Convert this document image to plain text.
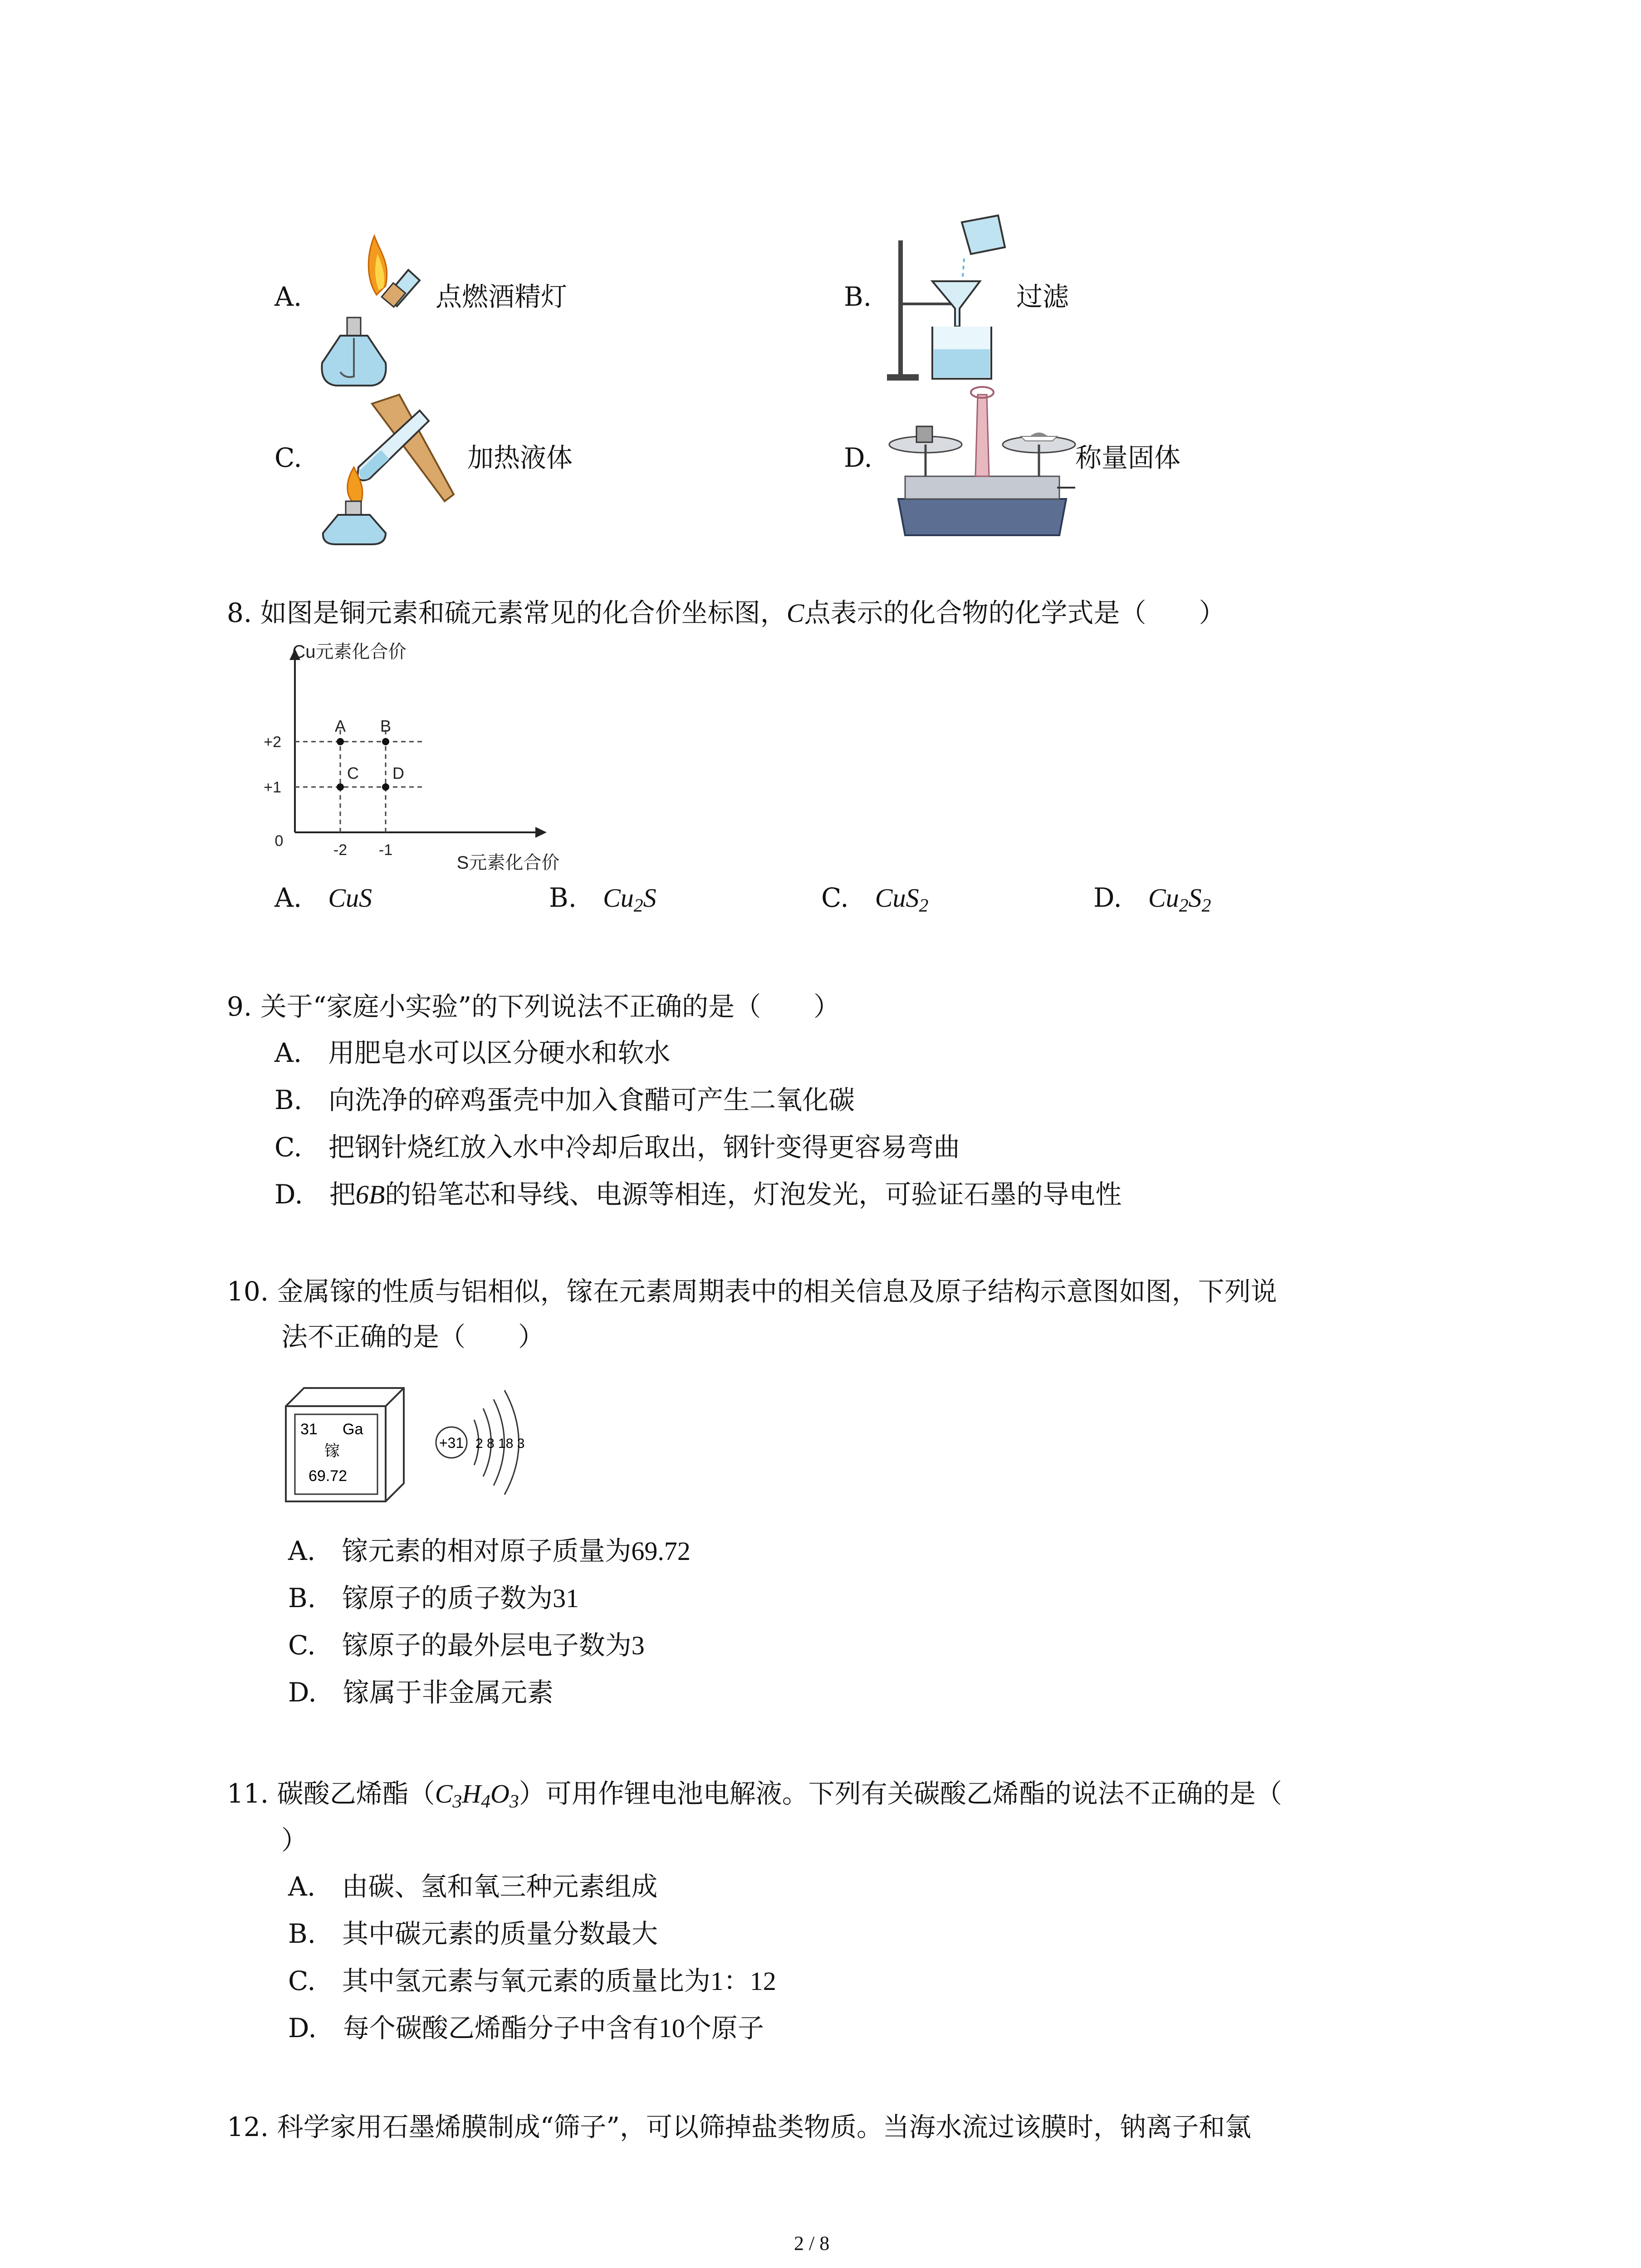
A.	点燃酒精灯	B.	过滤
C.	加热液体	D.	称量固体
8. 如图是铜元素和硫元素常见的化合价坐标图，C点表示的化合物的化学式是（　　）
Cu元素化合价
S元素化合价
0
-2 -1
+2
+1
A B
C D
A.　 CuS	B.　 $Cu_2S$	C.　 CuS$_2$	D.　 $Cu_2S_2$
9. 关于“家庭小实验”的下列说法不正确的是（　　）
A.　 用肥皂水可以区分硬水和软水
B.　 向洗净的碎鸡蛋壳中加入食醋可产生二氧化碳
C.　 把钢针烧红放入水中冷却后取出，钢针变得更容易弯曲
D.　 把6B的铅笔芯和导线、电源等相连，灯泡发光，可验证石墨的导电性
10. 金属镓的性质与铝相似，镓在元素周期表中的相关信息及原子结构示意图如图，下列说
法不正确的是（　　）
31 Ga
镓
69.72
+31 2 8 18 3
A.　 镓元素的相对原子质量为69.72
B.　 镓原子的质子数为31
C.　 镓原子的最外层电子数为3
D.　 镓属于非金属元素
11. 碳酸乙烯酯$(C_3H_4O_3)$可用作锂电池电解液。下列有关碳酸乙烯酯的说法不正确的是（
）
A.　 由碳、氢和氧三种元素组成
B.　 其中碳元素的质量分数最大
C.　 其中氢元素与氧元素的质量比为1：12
D.　 每个碳酸乙烯酯分子中含有10个原子
12. 科学家用石墨烯膜制成“筛子”，可以筛掉盐类物质。当海水流过该膜时，钠离子和氯
2 / 8
